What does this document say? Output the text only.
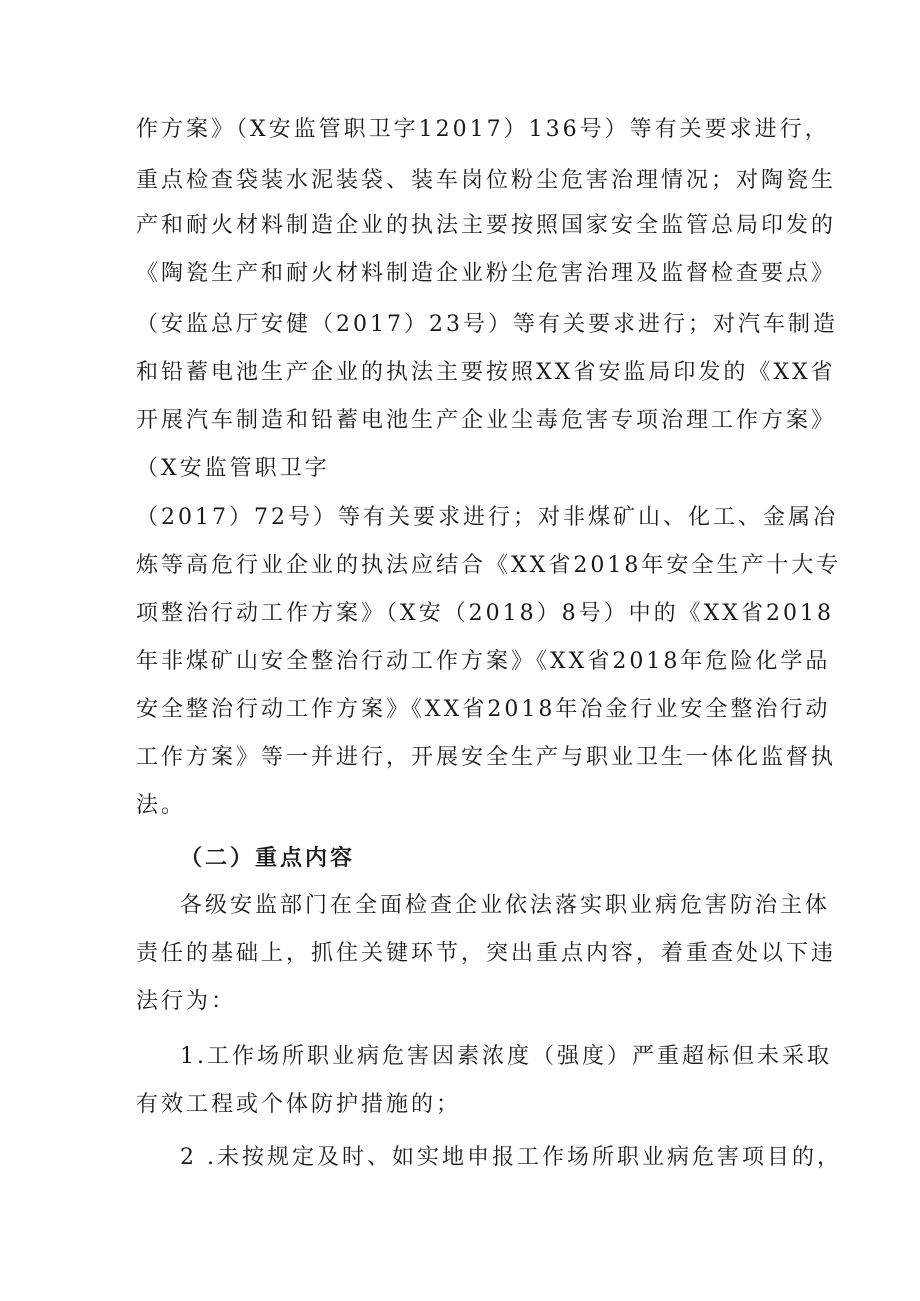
作方案》（X安监管职卫字12017）136号）等有关要求进行，
重点检查袋装水泥装袋、装车岗位粉尘危害治理情况；对陶瓷生
产和耐火材料制造企业的执法主要按照国家安全监管总局印发的
《陶瓷生产和耐火材料制造企业粉尘危害治理及监督检查要点》
（安监总厅安健（2017）23号）等有关要求进行；对汽车制造
和铅蓄电池生产企业的执法主要按照XX省安监局印发的《XX省
开展汽车制造和铅蓄电池生产企业尘毒危害专项治理工作方案》
（X安监管职卫字
（2017）72号）等有关要求进行；对非煤矿山、化工、金属冶
炼等高危行业企业的执法应结合《XX省2018年安全生产十大专
项整治行动工作方案》（X安（2018）8号）中的《XX省2018
年非煤矿山安全整治行动工作方案》《XX省2018年危险化学品
安全整治行动工作方案》《XX省2018年冶金行业安全整治行动
工作方案》等一并进行，开展安全生产与职业卫生一体化监督执
法。
（二）重点内容
各级安监部门在全面检查企业依法落实职业病危害防治主体
责任的基础上，抓住关键环节，突出重点内容，着重查处以下违
法行为：
1.工作场所职业病危害因素浓度（强度）严重超标但未采取
有效工程或个体防护措施的；
2 .未按规定及时、如实地申报工作场所职业病危害项目的，
